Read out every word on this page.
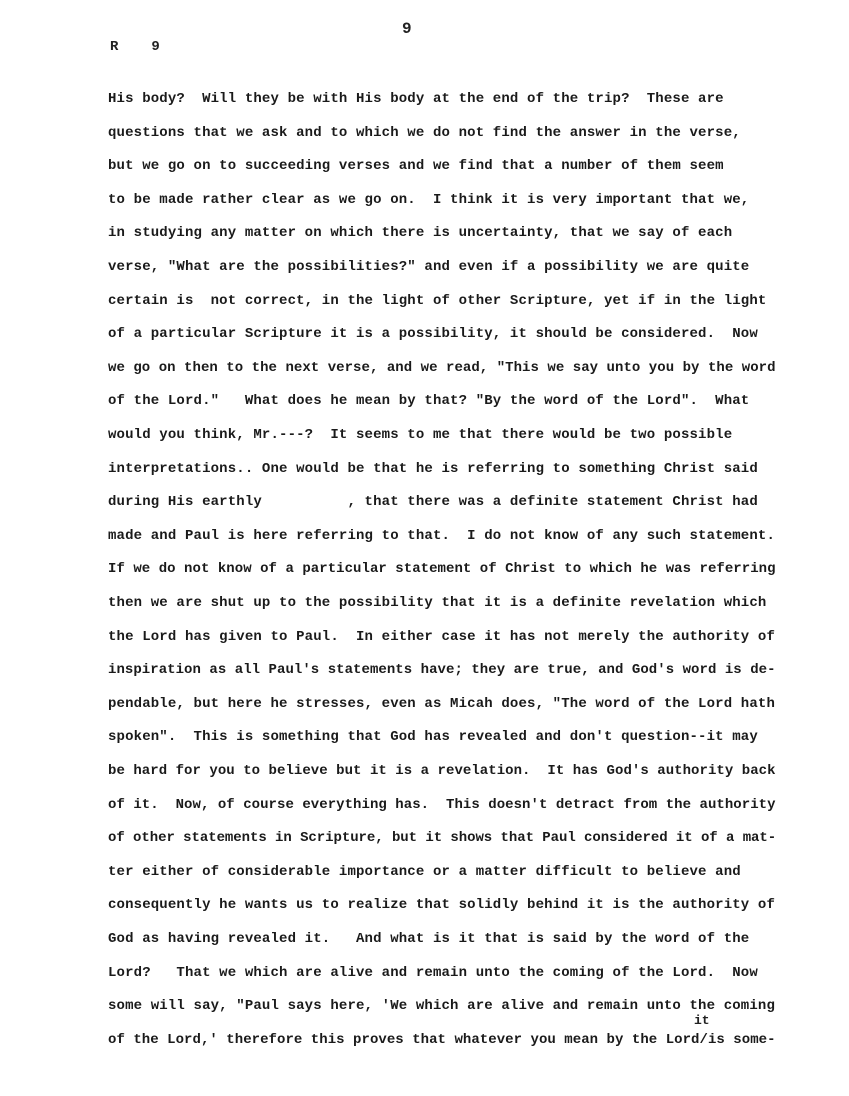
9
R 9
His body?  Will they be with His body at the end of the trip?  These are
questions that we ask and to which we do not find the answer in the verse,
but we go on to succeeding verses and we find that a number of them seem
to be made rather clear as we go on.  I think it is very important that we,
in studying any matter on which there is uncertainty, that we say of each
verse, "What are the possibilities?" and even if a possibility we are quite
certain is  not correct, in the light of other Scripture, yet if in the light
of a particular Scripture it is a possibility, it should be considered.  Now
we go on then to the next verse, and we read, "This we say unto you by the word
of the Lord."   What does he mean by that? "By the word of the Lord".  What
would you think, Mr.---?  It seems to me that there would be two possible
interpretations.. One would be that he is referring to something Christ said
during His earthly          , that there was a definite statement Christ had
made and Paul is here referring to that.  I do not know of any such statement.
If we do not know of a particular statement of Christ to which he was referring
then we are shut up to the possibility that it is a definite revelation which
the Lord has given to Paul.  In either case it has not merely the authority of
inspiration as all Paul's statements have; they are true, and God's word is de-
pendable, but here he stresses, even as Micah does, "The word of the Lord hath
spoken".  This is something that God has revealed and don't question--it may
be hard for you to believe but it is a revelation.  It has God's authority back
of it.  Now, of course everything has.  This doesn't detract from the authority
of other statements in Scripture, but it shows that Paul considered it of a mat-
ter either of considerable importance or a matter difficult to believe and
consequently he wants us to realize that solidly behind it is the authority of
God as having revealed it.   And what is it that is said by the word of the
Lord?   That we which are alive and remain unto the coming of the Lord.  Now
some will say, "Paul says here, 'We which are alive and remain unto the coming
of the Lord,' therefore this proves that whatever you mean by the Lord/is some-
it
